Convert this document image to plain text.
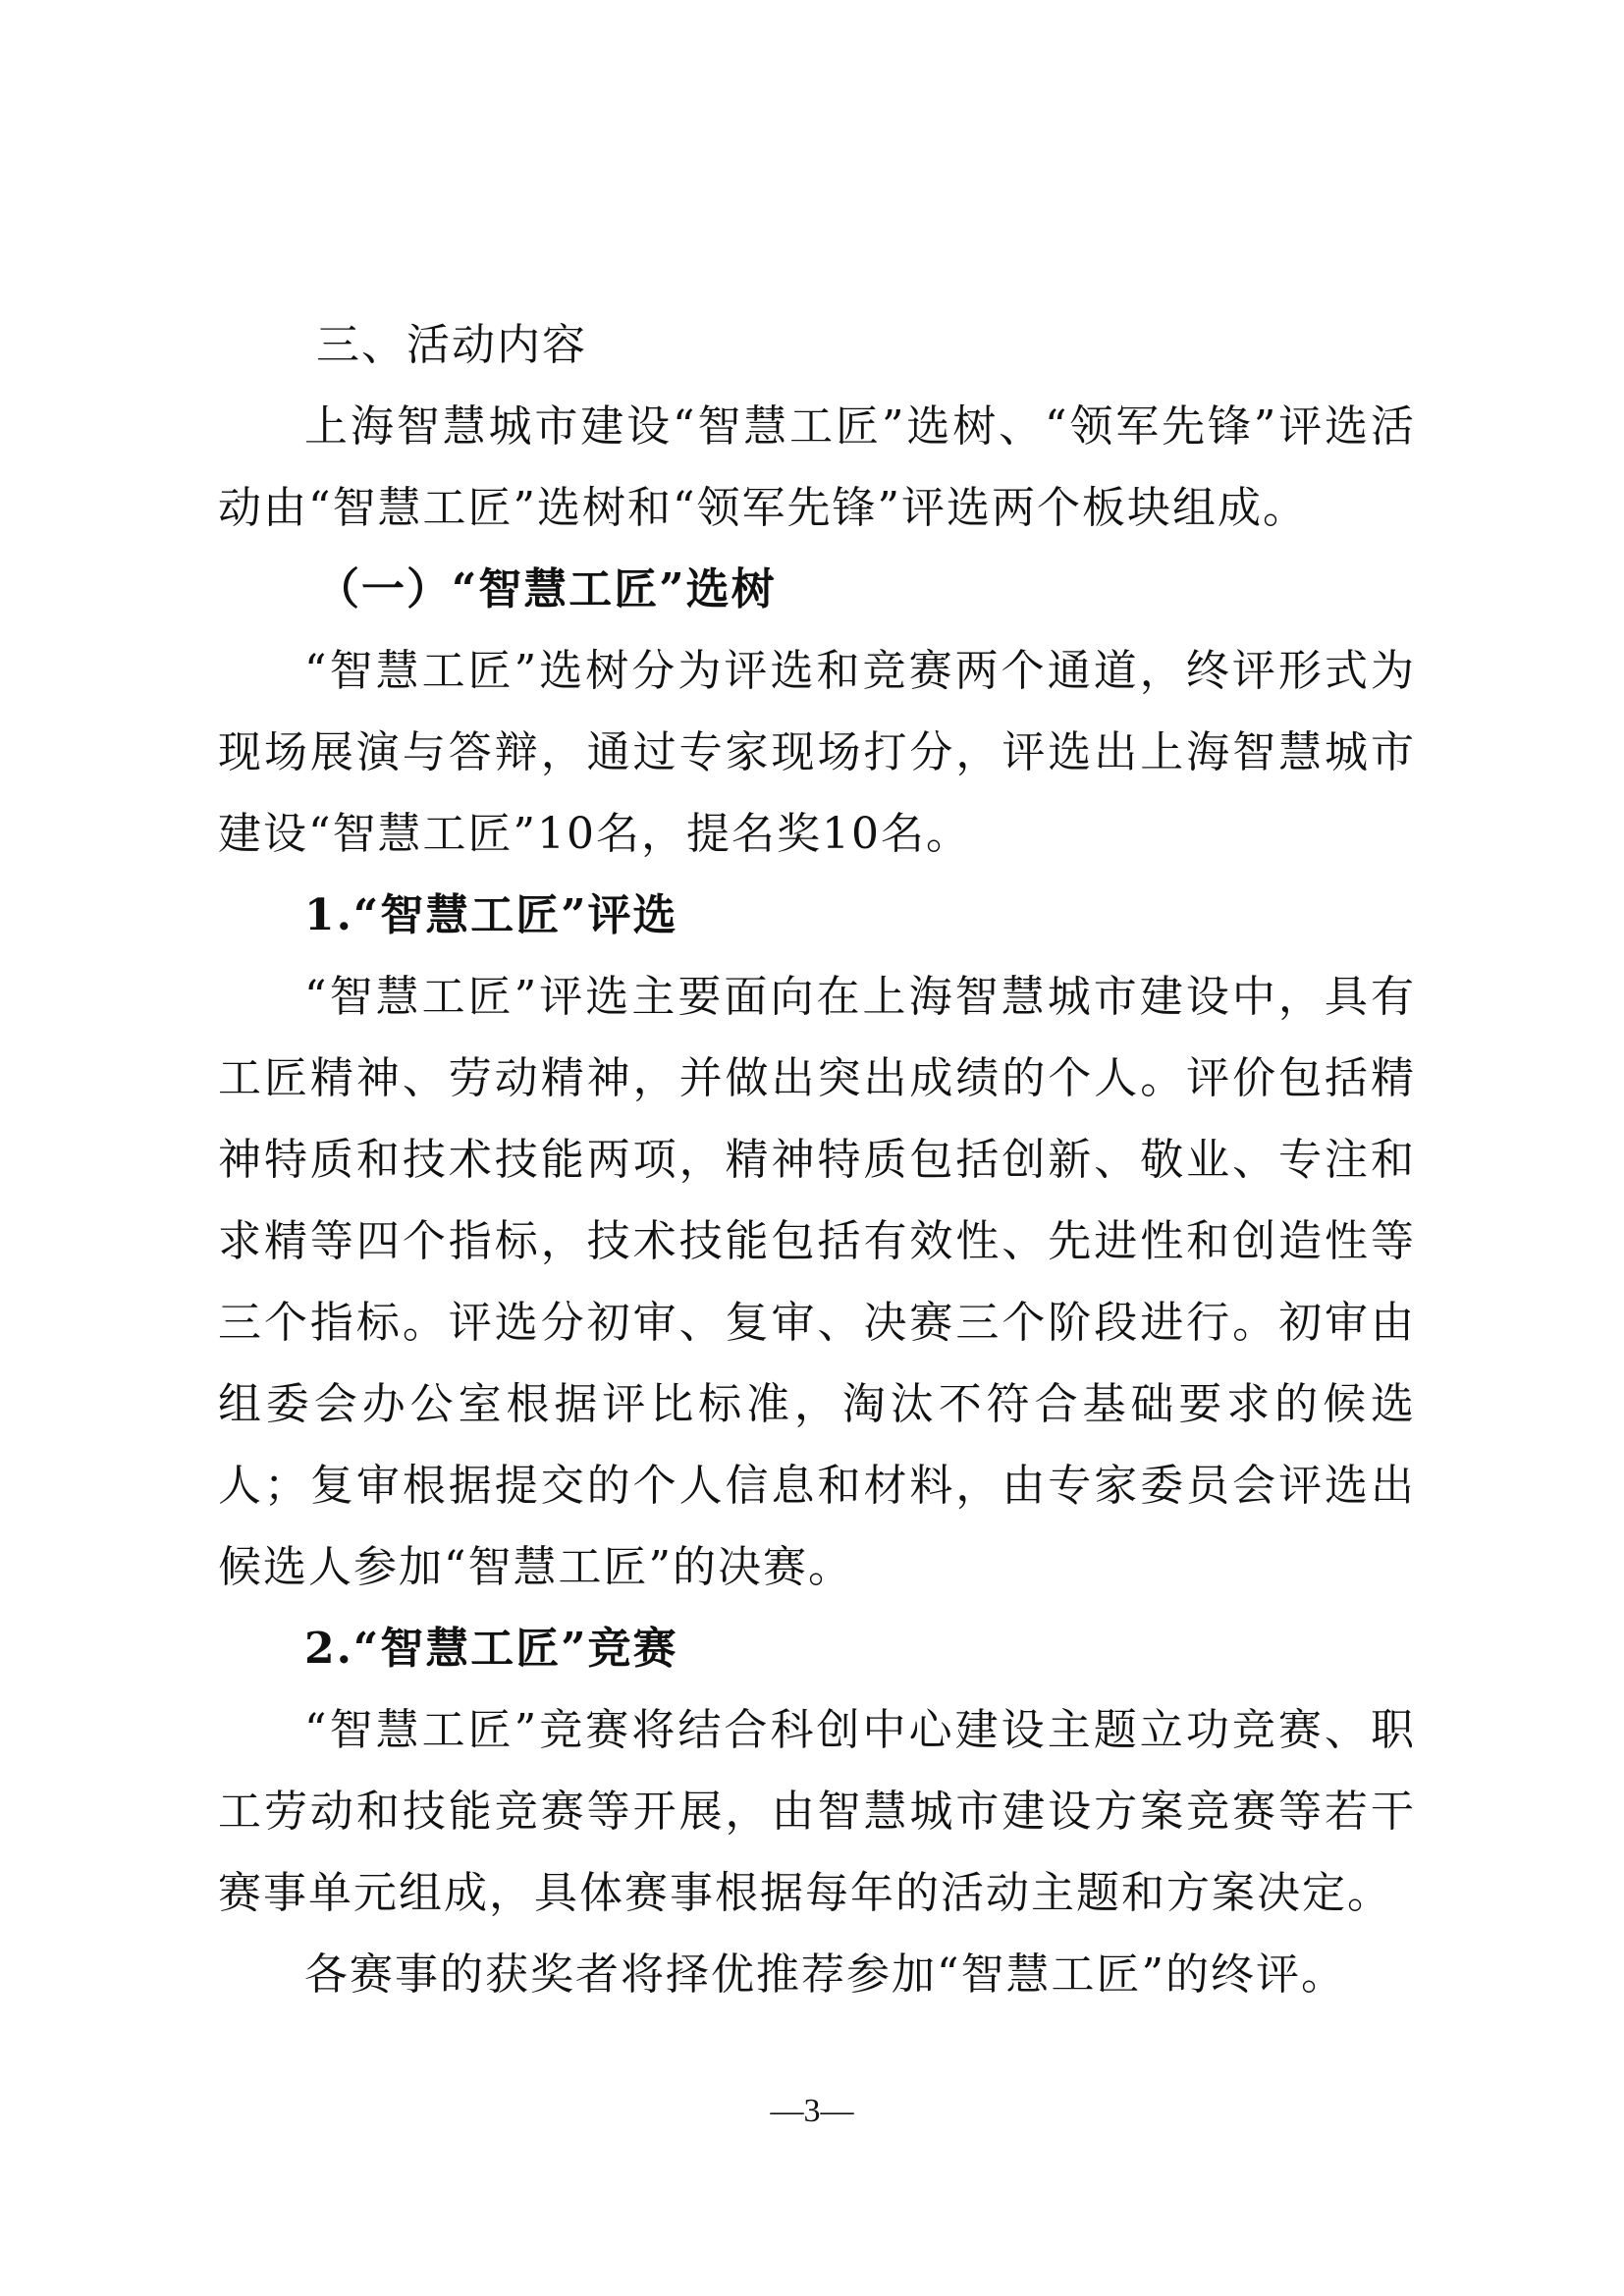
三、活动内容

上海智慧城市建设“智慧工匠”选树、“领军先锋”评选活动由“智慧工匠”选树和“领军先锋”评选两个板块组成。

（一）“智慧工匠”选树

“智慧工匠”选树分为评选和竞赛两个通道，终评形式为现场展演与答辩，通过专家现场打分，评选出上海智慧城市建设“智慧工匠”10名，提名奖10名。

1.“智慧工匠”评选

“智慧工匠”评选主要面向在上海智慧城市建设中，具有工匠精神、劳动精神，并做出突出成绩的个人。评价包括精神特质和技术技能两项，精神特质包括创新、敬业、专注和求精等四个指标，技术技能包括有效性、先进性和创造性等三个指标。评选分初审、复审、决赛三个阶段进行。初审由组委会办公室根据评比标准，淘汰不符合基础要求的候选人；复审根据提交的个人信息和材料，由专家委员会评选出候选人参加“智慧工匠”的决赛。

2.“智慧工匠”竞赛

“智慧工匠”竞赛将结合科创中心建设主题立功竞赛、职工劳动和技能竞赛等开展，由智慧城市建设方案竞赛等若干赛事单元组成，具体赛事根据每年的活动主题和方案决定。

各赛事的获奖者将择优推荐参加“智慧工匠”的终评。

—3—
